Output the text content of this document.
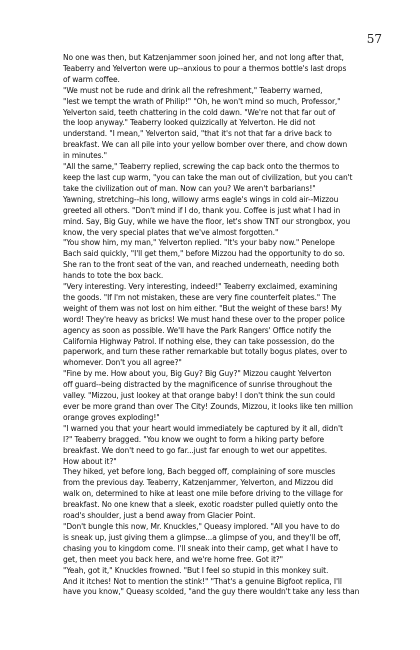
57

No one was then, but Katzenjammer soon joined her, and not long after that,
Teaberry and Yelverton were up--anxious to pour a thermos bottle's last drops
of warm coffee.

"We must not be rude and drink all the refreshment," Teaberry warned,
"lest we tempt the wrath of Philip!" "Oh, he won't mind so much, Professor,"
Yelverton said, teeth chattering in the cold dawn. "We're not that far out of
the loop anyway." Teaberry looked quizzically at Yelverton. He did not
understand. "I mean," Yelverton said, "that it's not that far a drive back to
breakfast. We can all pile into your yellow bomber over there, and chow down
in minutes."

"All the same," Teaberry replied, screwing the cap back onto the thermos to
keep the last cup warm, "you can take the man out of civilization, but you can't
take the civilization out of man. Now can you? We aren't barbarians!"

Yawning, stretching--his long, willowy arms eagle's wings in cold air--Mizzou
greeted all others. "Don't mind if I do, thank you. Coffee is just what I had in
mind. Say, Big Guy, while we have the floor, let's show TNT our strongbox, you
know, the very special plates that we've almost forgotten."

"You show him, my man," Yelverton replied. "It's your baby now." Penelope
Bach said quickly, "I'll get them," before Mizzou had the opportunity to do so.
She ran to the front seat of the van, and reached underneath, needing both
hands to tote the box back.

"Very interesting. Very interesting, indeed!" Teaberry exclaimed, examining
the goods. "If I'm not mistaken, these are very fine counterfeit plates." The
weight of them was not lost on him either. "But the weight of these bars! My
word! They're heavy as bricks! We must hand these over to the proper police
agency as soon as possible. We'll have the Park Rangers' Office notify the
California Highway Patrol. If nothing else, they can take possession, do the
paperwork, and turn these rather remarkable but totally bogus plates, over to
whomever. Don't you all agree?"

"Fine by me. How about you, Big Guy? Big Guy?" Mizzou caught Yelverton
off guard--being distracted by the magnificence of sunrise throughout the
valley. "Mizzou, just lookey at that orange baby! I don't think the sun could
ever be more grand than over The City! Zounds, Mizzou, it looks like ten million
orange groves exploding!"

"I warned you that your heart would immediately be captured by it all, didn't
I?" Teaberry bragged. "You know we ought to form a hiking party before
breakfast. We don't need to go far...just far enough to wet our appetites.
How about it?"

They hiked, yet before long, Bach begged off, complaining of sore muscles
from the previous day. Teaberry, Katzenjammer, Yelverton, and Mizzou did
walk on, determined to hike at least one mile before driving to the village for
breakfast. No one knew that a sleek, exotic roadster pulled quietly onto the
road's shoulder, just a bend away from Glacier Point.

"Don't bungle this now, Mr. Knuckles," Queasy implored. "All you have to do
is sneak up, just giving them a glimpse...a glimpse of you, and they'll be off,
chasing you to kingdom come. I'll sneak into their camp, get what I have to
get, then meet you back here, and we're home free. Got it?"

"Yeah, got it," Knuckles frowned. "But I feel so stupid in this monkey suit.
And it itches! Not to mention the stink!" "That's a genuine Bigfoot replica, I'll
have you know," Queasy scolded, "and the guy there wouldn't take any less than
